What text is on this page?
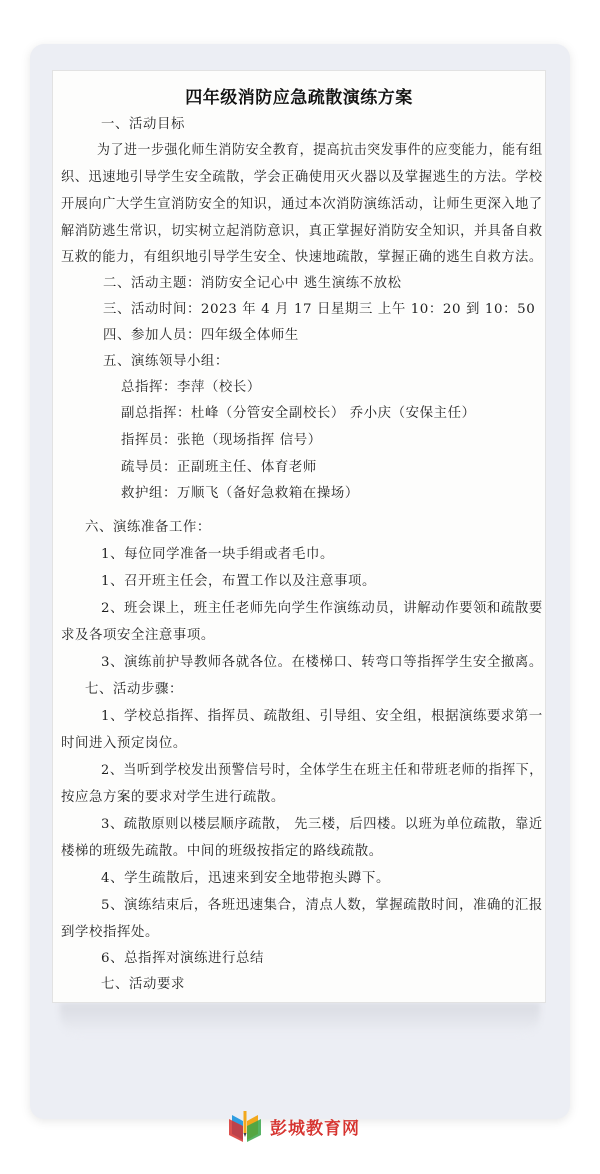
四年级消防应急疏散演练方案
一、活动目标
为了进一步强化师生消防安全教育，提高抗击突发事件的应变能力，能有组
织、迅速地引导学生安全疏散，学会正确使用灭火器以及掌握逃生的方法。学校
开展向广大学生宣消防安全的知识，通过本次消防演练活动，让师生更深入地了
解消防逃生常识，切实树立起消防意识，真正掌握好消防安全知识，并具备自救
互救的能力，有组织地引导学生安全、快速地疏散，掌握正确的逃生自救方法。
二、活动主题：消防安全记心中 逃生演练不放松
三、活动时间：2023 年 4 月 17 日星期三 上午 10：20 到 10：50
四、参加人员：四年级全体师生
五、演练领导小组：
总指挥：李萍（校长）
副总指挥：杜峰（分管安全副校长） 乔小庆（安保主任）
指挥员：张艳（现场指挥 信号）
疏导员：正副班主任、体育老师
救护组：万顺飞（备好急救箱在操场）
六、演练准备工作：
1、每位同学准备一块手绢或者毛巾。
1、召开班主任会，布置工作以及注意事项。
2、班会课上，班主任老师先向学生作演练动员，讲解动作要领和疏散要
求及各项安全注意事项。
3、演练前护导教师各就各位。在楼梯口、转弯口等指挥学生安全撤离。
七、活动步骤：
1、学校总指挥、指挥员、疏散组、引导组、安全组，根据演练要求第一
时间进入预定岗位。
2、当听到学校发出预警信号时，全体学生在班主任和带班老师的指挥下，
按应急方案的要求对学生进行疏散。
3、疏散原则以楼层顺序疏散， 先三楼，后四楼。以班为单位疏散，靠近
楼梯的班级先疏散。中间的班级按指定的路线疏散。
4、学生疏散后，迅速来到安全地带抱头蹲下。
5、演练结束后，各班迅速集合，清点人数，掌握疏散时间，准确的汇报
到学校指挥处。
6、总指挥对演练进行总结
七、活动要求
彭城教育网
